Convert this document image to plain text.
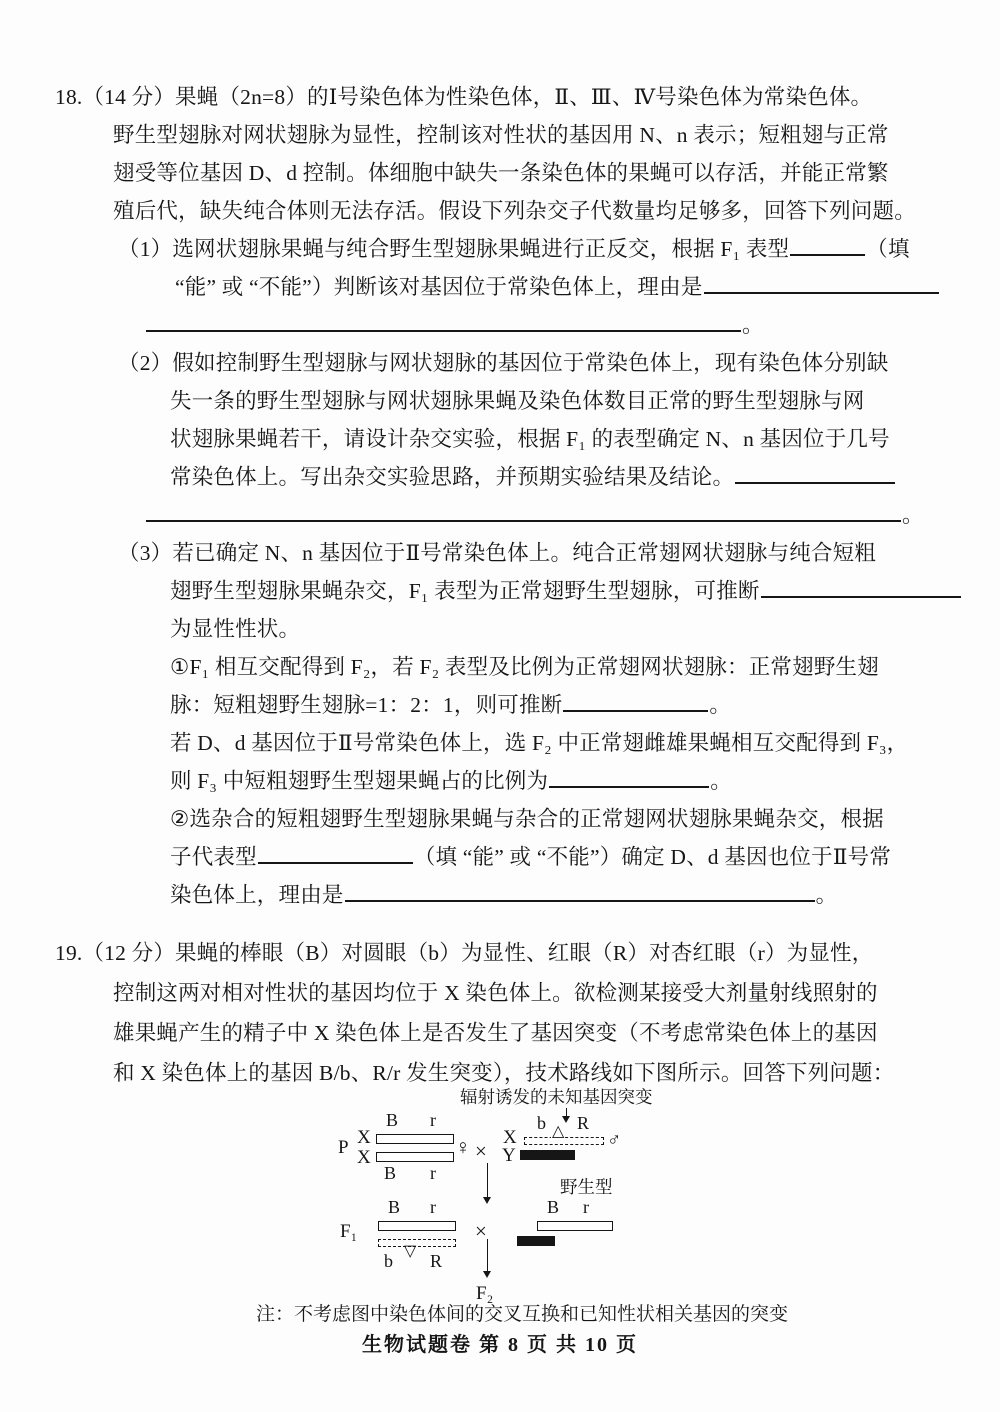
18.（14 分）果蝇（2n=8）的Ⅰ号染色体为性染色体，Ⅱ、Ⅲ、Ⅳ号染色体为常染色体。
野生型翅脉对网状翅脉为显性，控制该对性状的基因用 N、n 表示；短粗翅与正常
翅受等位基因 D、d 控制。体细胞中缺失一条染色体的果蝇可以存活，并能正常繁
殖后代，缺失纯合体则无法存活。假设下列杂交子代数量均足够多，回答下列问题。
（1）选网状翅脉果蝇与纯合野生型翅脉果蝇进行正反交，根据 F₁ 表型	（填
“能” 或 “不能”）判断该对基因位于常染色体上，理由是
。
（2）假如控制野生型翅脉与网状翅脉的基因位于常染色体上，现有染色体分别缺
失一条的野生型翅脉与网状翅脉果蝇及染色体数目正常的野生型翅脉与网
状翅脉果蝇若干，请设计杂交实验，根据 F₁ 的表型确定 N、n 基因位于几号
常染色体上。写出杂交实验思路，并预期实验结果及结论。
。
（3）若已确定 N、n 基因位于Ⅱ号常染色体上。纯合正常翅网状翅脉与纯合短粗
翅野生型翅脉果蝇杂交，F₁ 表型为正常翅野生型翅脉，可推断
为显性性状。
①F₁ 相互交配得到 F₂，若 F₂ 表型及比例为正常翅网状翅脉：正常翅野生翅
脉：短粗翅野生翅脉=1：2：1，则可推断	。
若 D、d 基因位于Ⅱ号常染色体上，选 F₂ 中正常翅雌雄果蝇相互交配得到 F₃，
则 F₃ 中短粗翅野生型翅果蝇占的比例为	。
②选杂合的短粗翅野生型翅脉果蝇与杂合的正常翅网状翅脉果蝇杂交，根据
子代表型	（填 “能” 或 “不能”）确定 D、d 基因也位于Ⅱ号常
染色体上，理由是	。
19.（12 分）果蝇的棒眼（B）对圆眼（b）为显性、红眼（R）对杏红眼（r）为显性，
控制这两对相对性状的基因均位于 X 染色体上。欲检测某接受大剂量射线照射的
雄果蝇产生的精子中 X 染色体上是否发生了基因突变（不考虑常染色体上的基因
和 X 染色体上的基因 B/b、R/r 发生突变），技术路线如下图所示。回答下列问题：
辐射诱发的未知基因突变
P X
X
B r
B r
♀ ×
X
b △ R
♂
Y
野生型
F₁
B r
b ▽ R
×
B r
F₂
注：不考虑图中染色体间的交叉互换和已知性状相关基因的突变
生物试题卷 第 8 页 共 10 页
